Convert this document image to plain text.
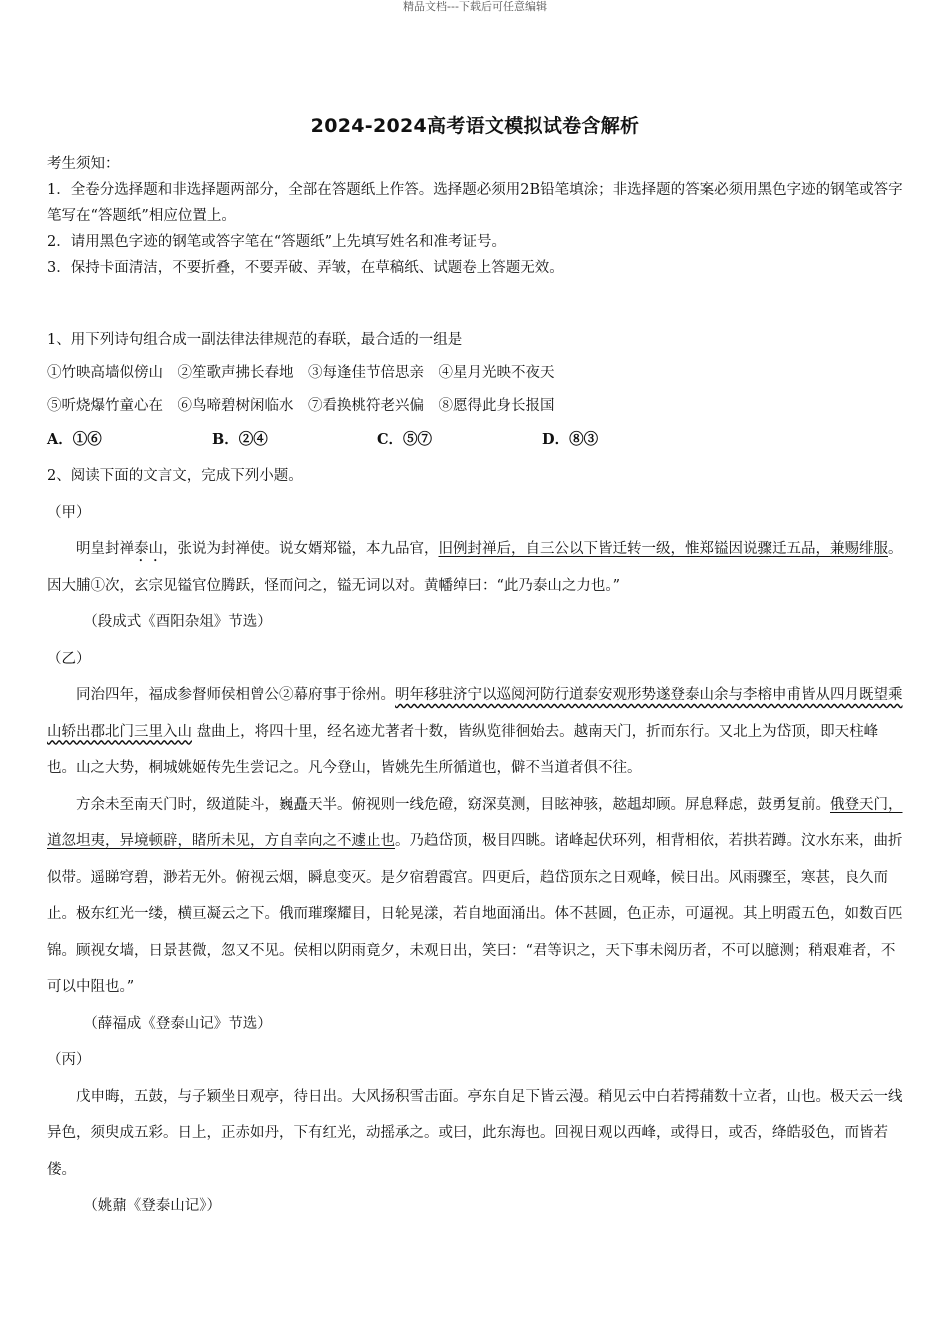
精品文档---下载后可任意编辑
2024-2024高考语文模拟试卷含解析

考生须知：

1．全卷分选择题和非选择题两部分，全部在答题纸上作答。选择题必须用2B铅笔填涂；非选择题的答案必须用黑色字迹的钢笔或答字笔写在“答题纸”相应位置上。

2．请用黑色字迹的钢笔或答字笔在“答题纸”上先填写姓名和准考证号。

3．保持卡面清洁，不要折叠，不要弄破、弄皱，在草稿纸、试题卷上答题无效。

1、用下列诗句组合成一副法律法律规范的春联，最合适的一组是

①竹映高墙似傍山　②笙歌声拂长春地　③每逢佳节倍思亲　④星月光映不夜天

⑤听烧爆竹童心在　⑥鸟啼碧树闲临水　⑦看换桃符老兴偏　⑧愿得此身长报国

A．①⑥	B．②④	C．⑤⑦	D．⑧③

2、阅读下面的文言文，完成下列小题。

（甲）

明皇封禅泰山，张说为封禅使。说女婿郑镒，本九品官，旧例封禅后，自三公以下皆迁转一级，惟郑镒因说骤迁五品，兼赐绯服。因大脯①次，玄宗见镒官位腾跃，怪而问之，镒无词以对。黄幡绰曰：“此乃泰山之力也。”

（段成式《酉阳杂俎》节选）

（乙）

同治四年，福成参督师侯相曾公②幕府事于徐州。明年移驻济宁以巡阅河防行道泰安观形势遂登泰山余与李榕申甫皆从四月既望乘山轿出郡北门三里入山 盘曲上，将四十里，经名迹尤著者十数，皆纵览徘徊始去。越南天门，折而东行。又北上为岱顶，即天柱峰也。山之大势，桐城姚姬传先生尝记之。凡今登山，皆姚先生所循道也，僻不当道者俱不往。

方余未至南天门时，级道陡斗，巍矗天半。俯视则一线危磴，窈深莫测，目眩神骇，趑趄却顾。屏息释虑，鼓勇复前。俄登天门，道忽坦夷，异境顿辟，睹所未见，方自幸向之不遽止也。乃趋岱顶，极目四眺。诸峰起伏环列，相背相依，若拱若蹲。汶水东来，曲折似带。遥睇穹碧，渺若无外。俯视云烟，瞬息变灭。是夕宿碧霞宫。四更后，趋岱顶东之日观峰，候日出。风雨骤至，寒甚，良久而止。极东红光一缕，横亘凝云之下。俄而璀璨耀目，日轮晃漾，若自地面涌出。体不甚圆，色正赤，可逼视。其上明霞五色，如数百匹锦。顾视女墙，日景甚微，忽又不见。侯相以阴雨竟夕，未观日出，笑曰：“君等识之，天下事未阅历者，不可以臆测；稍艰难者，不可以中阻也。”

（薛福成《登泰山记》节选）

（丙）

戊申晦，五鼓，与子颖坐日观亭，待日出。大风扬积雪击面。亭东自足下皆云漫。稍见云中白若摴蒱数十立者，山也。极天云一线异色，须臾成五彩。日上，正赤如丹，下有红光，动摇承之。或曰，此东海也。回视日观以西峰，或得日，或否，绛皓驳色，而皆若偻。

（姚鼐《登泰山记》）
